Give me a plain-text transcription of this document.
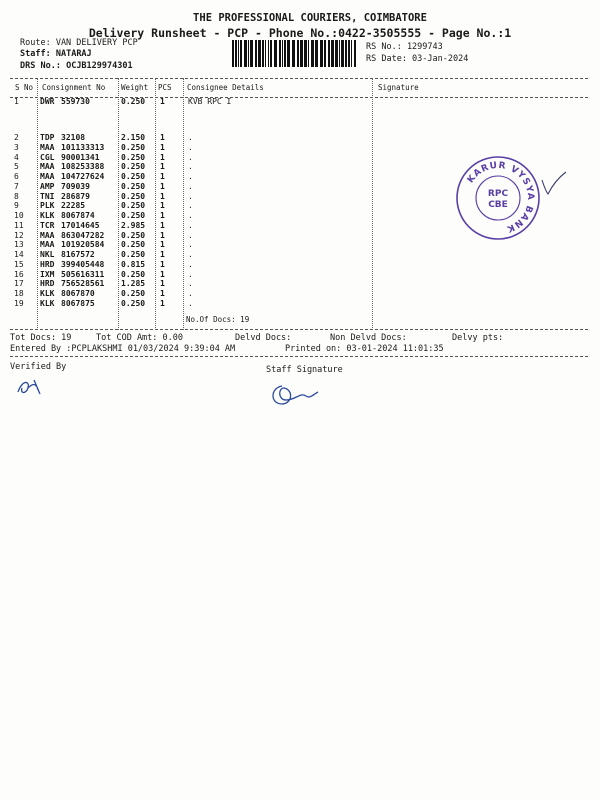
THE PROFESSIONAL COURIERS, COIMBATORE
Delivery Runsheet - PCP - Phone No.:0422-3505555 - Page No.:1
Route: VAN DELIVERY PCP
Staff: NATARAJ
DRS No.: OCJB129974301
RS No.: 1299743
RS Date: 03-Jan-2024
S No Consignment No Weight PCS Consignee Details	Signature
1	DWR 559730	0.250 1	KVB RPC I
2	TDP 32108	2.150 1	.
3	MAA 101133313 0.250 1	.
4	CGL 90001341	0.250 1	.
5	MAA 108253388 0.250 1	.
6	MAA 104727624 0.250 1	.
7	AMP 709039	0.250 1	.
8	TNI 286879	0.250 1	.
9	PLK 22285	0.250 1	.
10 KLK 8067874	0.250 1	.
11 TCR 17014645	2.985 1	.
12 MAA 863047282 0.250 1	.
13 MAA 101920584 0.250 1	.
14 NKL 8167572	0.250 1	.
15 HRD 399405448 0.815 1	.
16 IXM 505616311 0.250 1	.
17 HRD 756528561 1.285 1	.
18 KLK 8067870	0.250 1	.
19 KLK 8067875	0.250 1	.
No.Of Docs: 19
Tot Docs: 19	Tot COD Amt: 0.00	Delvd Docs:	Non Delvd Docs:	Delvy pts:
Entered By :PCPLAKSHMI 01/03/2024 9:39:04 AM	Printed on: 03-01-2024 11:01:35
Verified By	Staff Signature
KARUR VYSYA BANK
RPC
CBE
